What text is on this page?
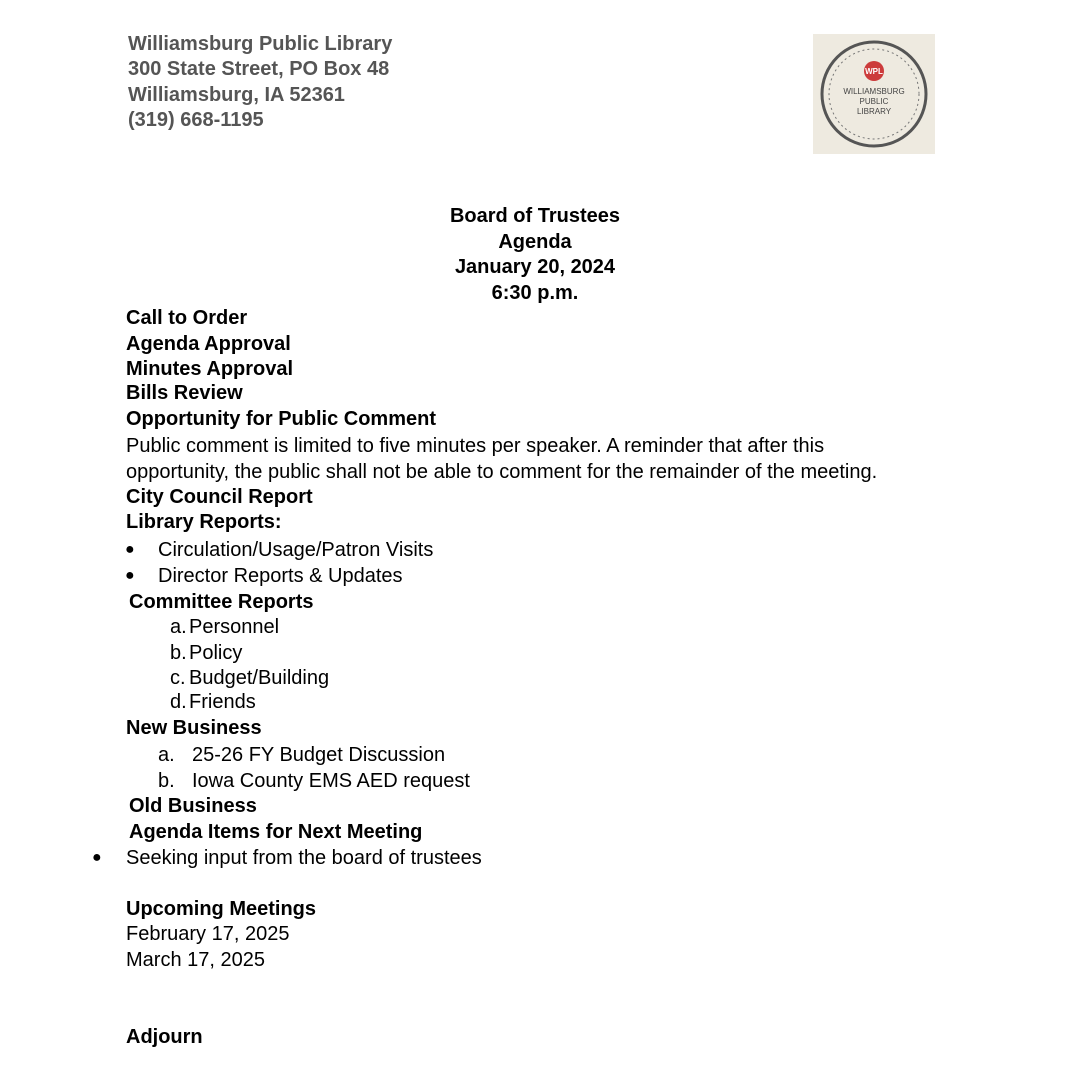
Williamsburg Public Library
300 State Street, PO Box 48
Williamsburg, IA 52361
(319) 668-1195
WPL
WILLIAMSBURG
PUBLIC
LIBRARY
Board of Trustees
Agenda
January 20, 2024
6:30 p.m.
Call to Order
Agenda Approval
Minutes Approval
Bills Review
Opportunity for Public Comment
Public comment is limited to five minutes per speaker. A reminder that after this
opportunity, the public shall not be able to comment for the remainder of the meeting.
City Council Report
Library Reports:
● Circulation/Usage/Patron Visits
● Director Reports & Updates
Committee Reports
a. Personnel
b. Policy
c. Budget/Building
d. Friends
New Business
a. 25-26 FY Budget Discussion
b. Iowa County EMS AED request
Old Business
Agenda Items for Next Meeting
● Seeking input from the board of trustees
Upcoming Meetings
February 17, 2025
March 17, 2025
Adjourn
